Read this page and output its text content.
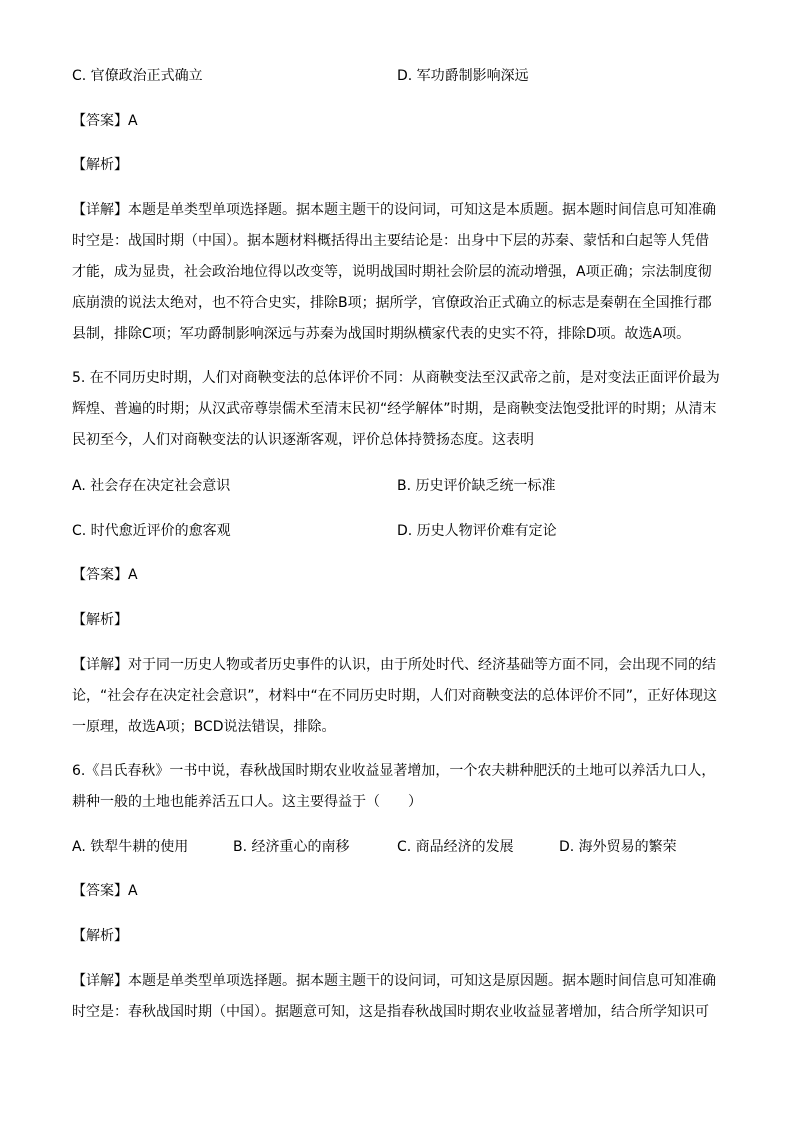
C. 官僚政治正式确立	D. 军功爵制影响深远
【答案】A
【解析】

【详解】本题是单类型单项选择题。据本题主题干的设问词，可知这是本质题。据本题时间信息可知准确时空是：战国时期（中国）。据本题材料概括得出主要结论是：出身中下层的苏秦、蒙恬和白起等人凭借才能，成为显贵，社会政治地位得以改变等，说明战国时期社会阶层的流动增强，A项正确；宗法制度彻底崩溃的说法太绝对，也不符合史实，排除B项；据所学，官僚政治正式确立的标志是秦朝在全国推行郡县制，排除C项；军功爵制影响深远与苏秦为战国时期纵横家代表的史实不符，排除D项。故选A项。

5. 在不同历史时期，人们对商鞅变法的总体评价不同：从商鞅变法至汉武帝之前，是对变法正面评价最为辉煌、普遍的时期；从汉武帝尊崇儒术至清末民初“经学解体”时期，是商鞅变法饱受批评的时期；从清末民初至今，人们对商鞅变法的认识逐渐客观，评价总体持赞扬态度。这表明

A. 社会存在决定社会意识	B. 历史评价缺乏统一标准
C. 时代愈近评价的愈客观	D. 历史人物评价难有定论
【答案】A
【解析】

【详解】对于同一历史人物或者历史事件的认识，由于所处时代、经济基础等方面不同，会出现不同的结论，“社会存在决定社会意识”，材料中“在不同历史时期，人们对商鞅变法的总体评价不同”，正好体现这一原理，故选A项；BCD说法错误，排除。

6.《吕氏春秋》一书中说，春秋战国时期农业收益显著增加，一个农夫耕种肥沃的土地可以养活九口人，耕种一般的土地也能养活五口人。这主要得益于（　　）

A. 铁犁牛耕的使用	B. 经济重心的南移	C. 商品经济的发展	D. 海外贸易的繁荣
【答案】A
【解析】

【详解】本题是单类型单项选择题。据本题主题干的设问词，可知这是原因题。据本题时间信息可知准确时空是：春秋战国时期（中国）。据题意可知，这是指春秋战国时期农业收益显著增加，结合所学知识可
